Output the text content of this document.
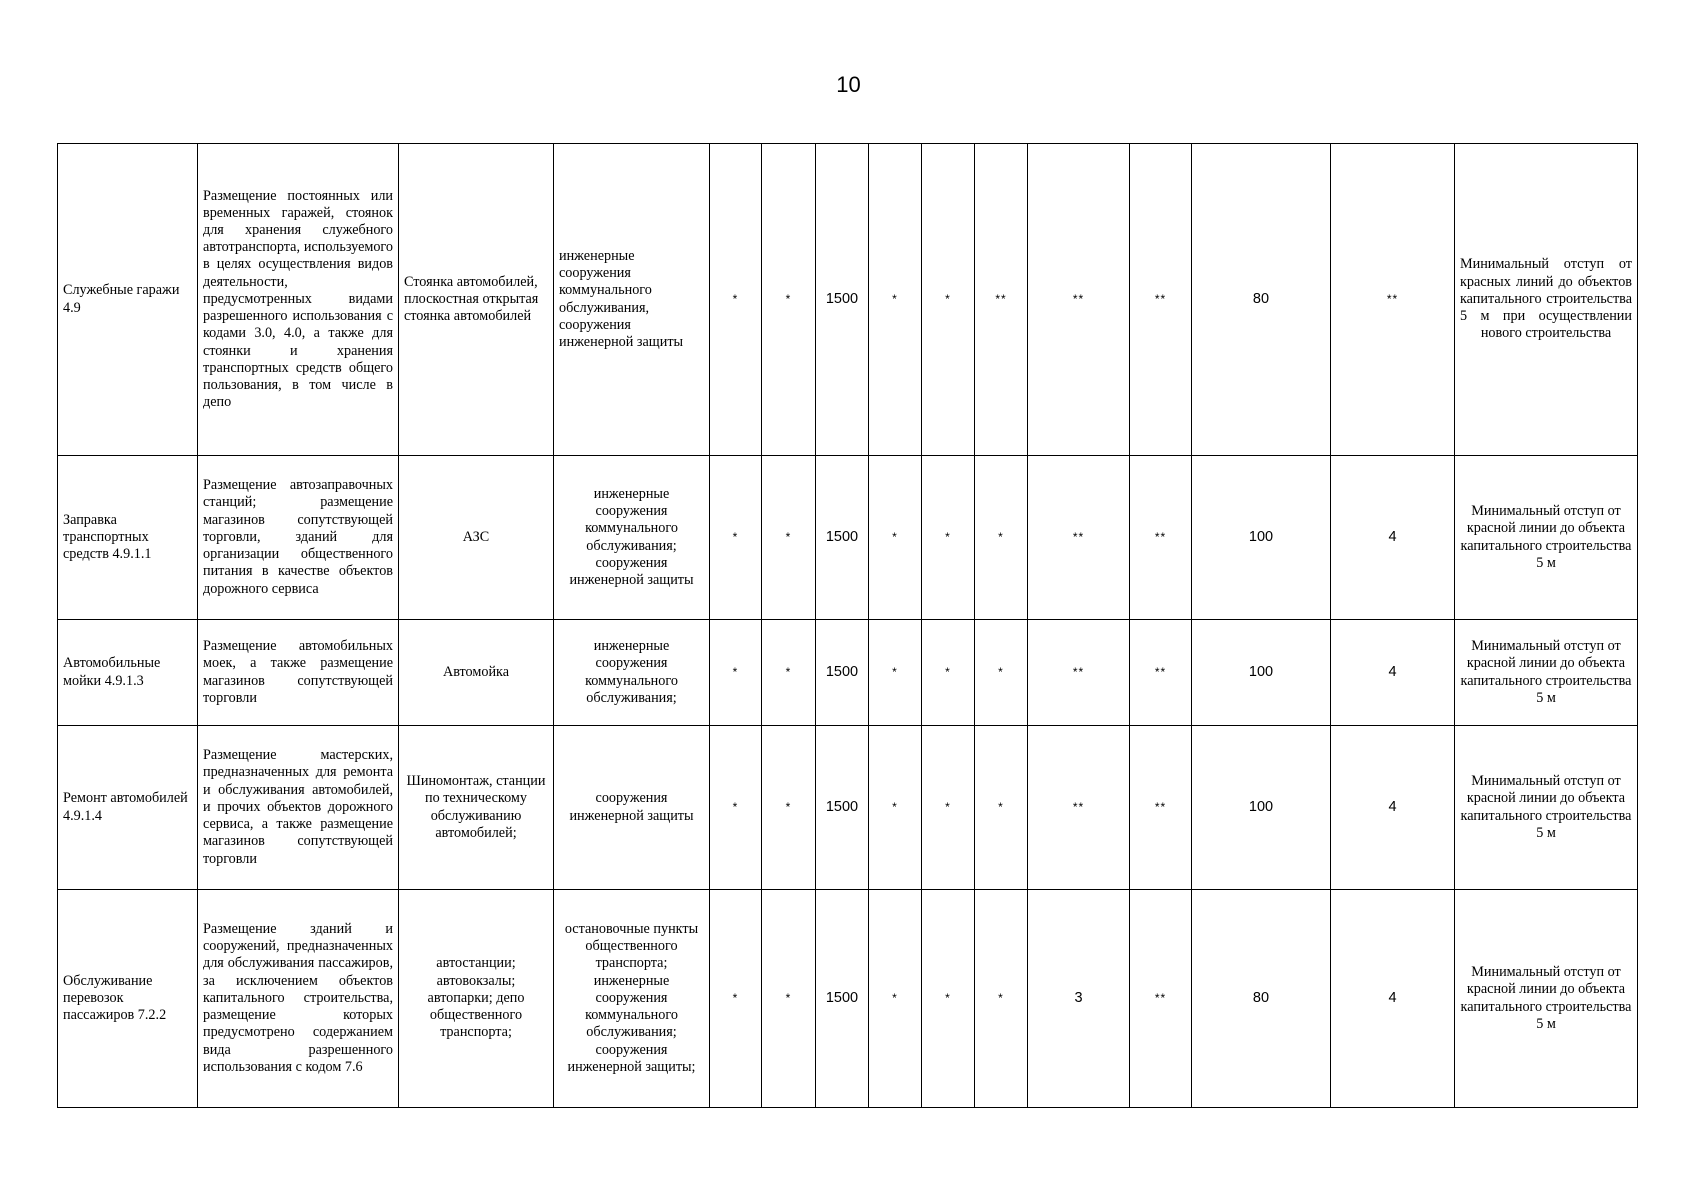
10
Служебные гаражи 4.9	Размещение постоянных или временных гаражей, стоянок для хранения служебного автотранспорта, используемого в целях осуществления видов деятельности, предусмотренных видами разрешенного использования с кодами 3.0, 4.0, а также для стоянки и хранения транспортных средств общего пользования, в том числе в депо	Стоянка автомобилей, плоскостная открытая стоянка автомобилей	инженерные сооружения коммунального обслуживания, сооружения инженерной защиты	*	*	1500	*	*	**	**	**	80	**	Минимальный отступ от красных линий до объектов капитального строительства 5 м при осуществлении нового строительства
Заправка транспортных средств 4.9.1.1	Размещение автозаправочных станций; размещение магазинов сопутствующей торговли, зданий для организации общественного питания в качестве объектов дорожного сервиса	АЗС	инженерные сооружения коммунального обслуживания; сооружения инженерной защиты	*	*	1500	*	*	*	**	**	100	4	Минимальный отступ от красной линии до объекта капитального строительства 5 м
Автомобильные мойки 4.9.1.3	Размещение автомобильных моек, а также размещение магазинов сопутствующей торговли	Автомойка	инженерные сооружения коммунального обслуживания;	*	*	1500	*	*	*	**	**	100	4	Минимальный отступ от красной линии до объекта капитального строительства 5 м
Ремонт автомобилей 4.9.1.4	Размещение мастерских, предназначенных для ремонта и обслуживания автомобилей, и прочих объектов дорожного сервиса, а также размещение магазинов сопутствующей торговли	Шиномонтаж, станции по техническому обслуживанию автомобилей;	сооружения инженерной защиты	*	*	1500	*	*	*	**	**	100	4	Минимальный отступ от красной линии до объекта капитального строительства 5 м
Обслуживание перевозок пассажиров 7.2.2	Размещение зданий и сооружений, предназначенных для обслуживания пассажиров, за исключением объектов капитального строительства, размещение которых предусмотрено содержанием вида разрешенного использования с кодом 7.6	автостанции; автовокзалы; автопарки; депо общественного транспорта;	остановочные пункты общественного транспорта; инженерные сооружения коммунального обслуживания; сооружения инженерной защиты;	*	*	1500	*	*	*	3	**	80	4	Минимальный отступ от красной линии до объекта капитального строительства 5 м
